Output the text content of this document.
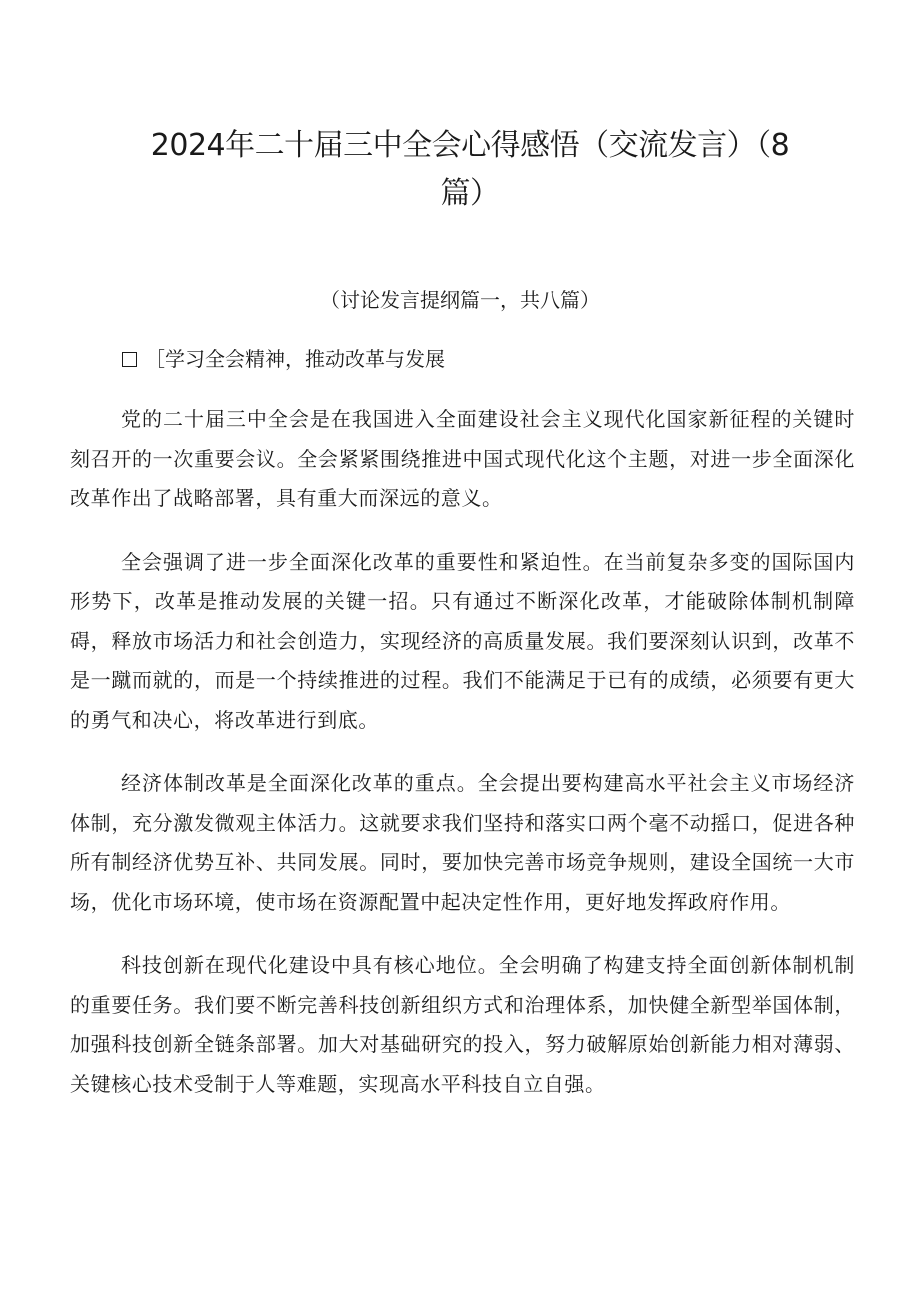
2024年二十届三中全会心得感悟（交流发言）（8
篇）

（讨论发言提纲篇一，共八篇）

［学习全会精神，推动改革与发展

党的二十届三中全会是在我国进入全面建设社会主义现代化国家新征程的关键时刻召开的一次重要会议。全会紧紧围绕推进中国式现代化这个主题，对进一步全面深化改革作出了战略部署，具有重大而深远的意义。

全会强调了进一步全面深化改革的重要性和紧迫性。在当前复杂多变的国际国内形势下，改革是推动发展的关键一招。只有通过不断深化改革，才能破除体制机制障碍，释放市场活力和社会创造力，实现经济的高质量发展。我们要深刻认识到，改革不是一蹴而就的，而是一个持续推进的过程。我们不能满足于已有的成绩，必须要有更大的勇气和决心，将改革进行到底。

经济体制改革是全面深化改革的重点。全会提出要构建高水平社会主义市场经济体制，充分激发微观主体活力。这就要求我们坚持和落实口两个毫不动摇口，促进各种所有制经济优势互补、共同发展。同时，要加快完善市场竞争规则，建设全国统一大市场，优化市场环境，使市场在资源配置中起决定性作用，更好地发挥政府作用。

科技创新在现代化建设中具有核心地位。全会明确了构建支持全面创新体制机制的重要任务。我们要不断完善科技创新组织方式和治理体系，加快健全新型举国体制，加强科技创新全链条部署。加大对基础研究的投入，努力破解原始创新能力相对薄弱、关键核心技术受制于人等难题，实现高水平科技自立自强。
